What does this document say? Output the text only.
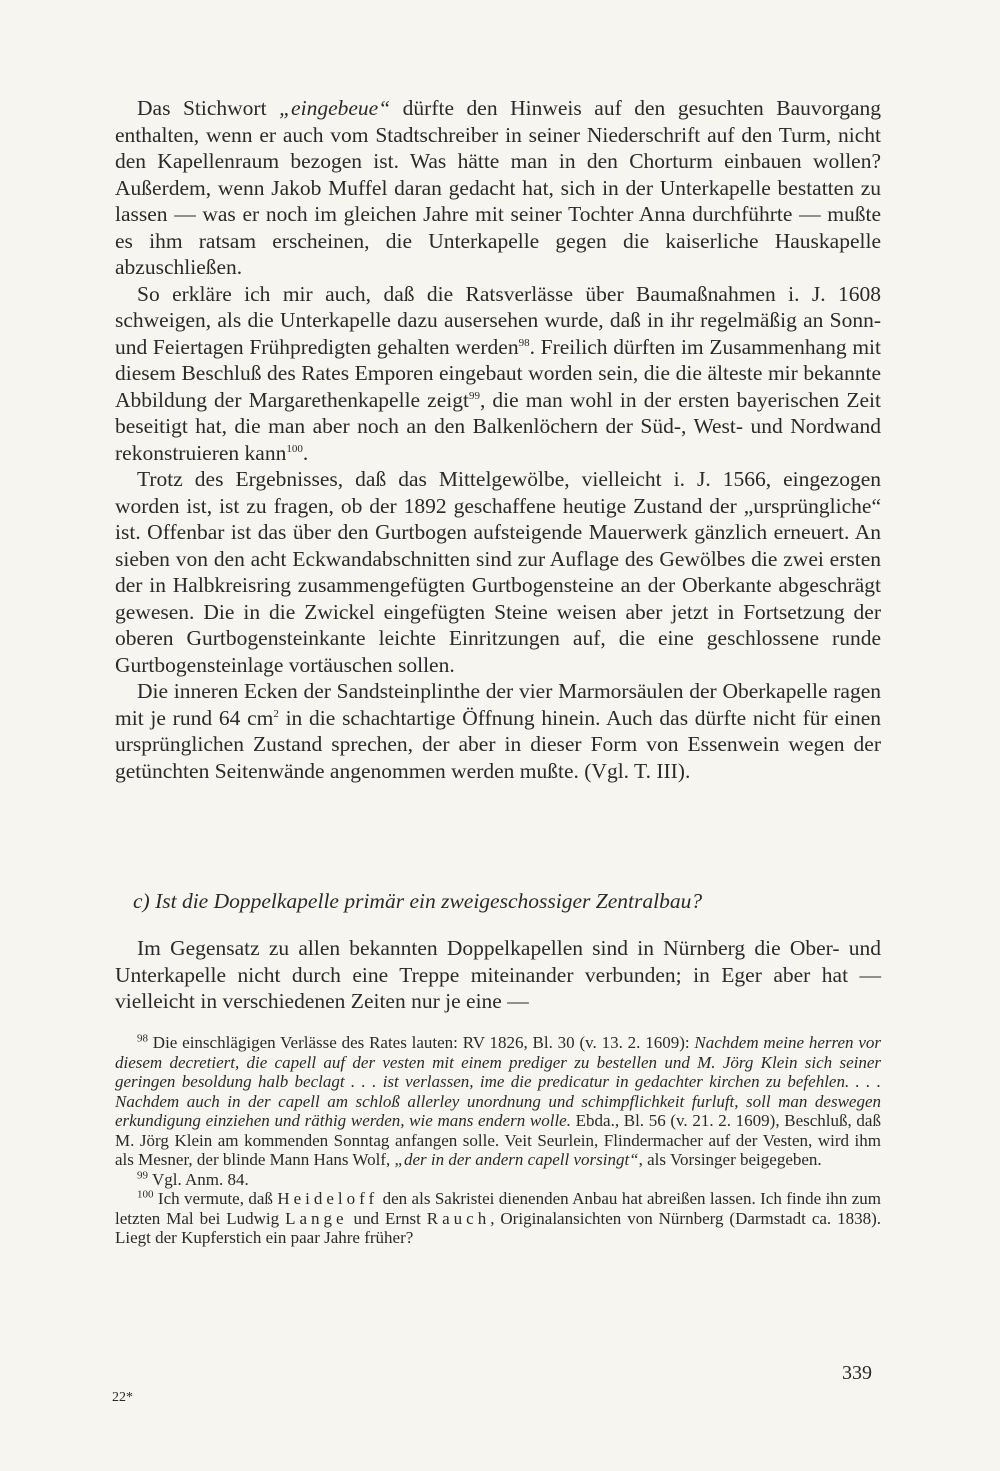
Das Stichwort „eingebeue“ dürfte den Hinweis auf den gesuchten Bauvorgang enthalten, wenn er auch vom Stadtschreiber in seiner Niederschrift auf den Turm, nicht den Kapellenraum bezogen ist. Was hätte man in den Chorturm einbauen wollen? Außerdem, wenn Jakob Muffel daran gedacht hat, sich in der Unterkapelle bestatten zu lassen — was er noch im gleichen Jahre mit seiner Tochter Anna durchführte — mußte es ihm ratsam erscheinen, die Unterkapelle gegen die kaiserliche Hauskapelle abzuschließen.

So erkläre ich mir auch, daß die Ratsverlässe über Baumaßnahmen i. J. 1608 schweigen, als die Unterkapelle dazu ausersehen wurde, daß in ihr regelmäßig an Sonn- und Feiertagen Frühpredigten gehalten werden$^{98}$. Freilich dürften im Zusammenhang mit diesem Beschluß des Rates Emporen eingebaut worden sein, die die älteste mir bekannte Abbildung der Margarethenkapelle zeigt$^{99}$, die man wohl in der ersten bayerischen Zeit beseitigt hat, die man aber noch an den Balkenlöchern der Süd-, West- und Nordwand rekonstruieren kann$^{100}$.

Trotz des Ergebnisses, daß das Mittelgewölbe, vielleicht i. J. 1566, eingezogen worden ist, ist zu fragen, ob der 1892 geschaffene heutige Zustand der „ursprüngliche“ ist. Offenbar ist das über den Gurtbogen aufsteigende Mauerwerk gänzlich erneuert. An sieben von den acht Eckwandabschnitten sind zur Auflage des Gewölbes die zwei ersten der in Halbkreisring zusammengefügten Gurtbogensteine an der Oberkante abgeschrägt gewesen. Die in die Zwickel eingefügten Steine weisen aber jetzt in Fortsetzung der oberen Gurtbogensteinkante leichte Einritzungen auf, die eine geschlossene runde Gurtbogensteinlage vortäuschen sollen.

Die inneren Ecken der Sandsteinplinthe der vier Marmorsäulen der Oberkapelle ragen mit je rund 64 $cm^2$ in die schachtartige Öffnung hinein. Auch das dürfte nicht für einen ursprünglichen Zustand sprechen, der aber in dieser Form von Essenwein wegen der getünchten Seitenwände angenommen werden mußte. (Vgl. T. III).

c) Ist die Doppelkapelle primär ein zweigeschossiger Zentralbau?

Im Gegensatz zu allen bekannten Doppelkapellen sind in Nürnberg die Ober- und Unterkapelle nicht durch eine Treppe miteinander verbunden; in Eger aber hat — vielleicht in verschiedenen Zeiten nur je eine —

$^{98}$ Die einschlägigen Verlässe des Rates lauten: RV 1826, Bl. 30 (v. 13. 2. 1609): Nachdem meine herren vor diesem decretiert, die capell auf der vesten mit einem prediger zu bestellen und M. Jörg Klein sich seiner geringen besoldung halb beclagt . . . ist verlassen, ime die predicatur in gedachter kirchen zu befehlen. . . . Nachdem auch in der capell am schloß allerley unordnung und schimpflichkeit furluft, soll man deswegen erkundigung einziehen und räthig werden, wie mans endern wolle. Ebda., Bl. 56 (v. 21. 2. 1609), Beschluß, daß M. Jörg Klein am kommenden Sonntag anfangen solle. Veit Seurlein, Flindermacher auf der Vesten, wird ihm als Mesner, der blinde Mann Hans Wolf, „der in der andern capell vorsingt“, als Vorsinger beigegeben.

$^{99}$ Vgl. Anm. 84.

$^{100}$ Ich vermute, daß Heideloff den als Sakristei dienenden Anbau hat abreißen lassen. Ich finde ihn zum letzten Mal bei Ludwig Lange und Ernst Rauch, Originalansichten von Nürnberg (Darmstadt ca. 1838). Liegt der Kupferstich ein paar Jahre früher?

339
22*
